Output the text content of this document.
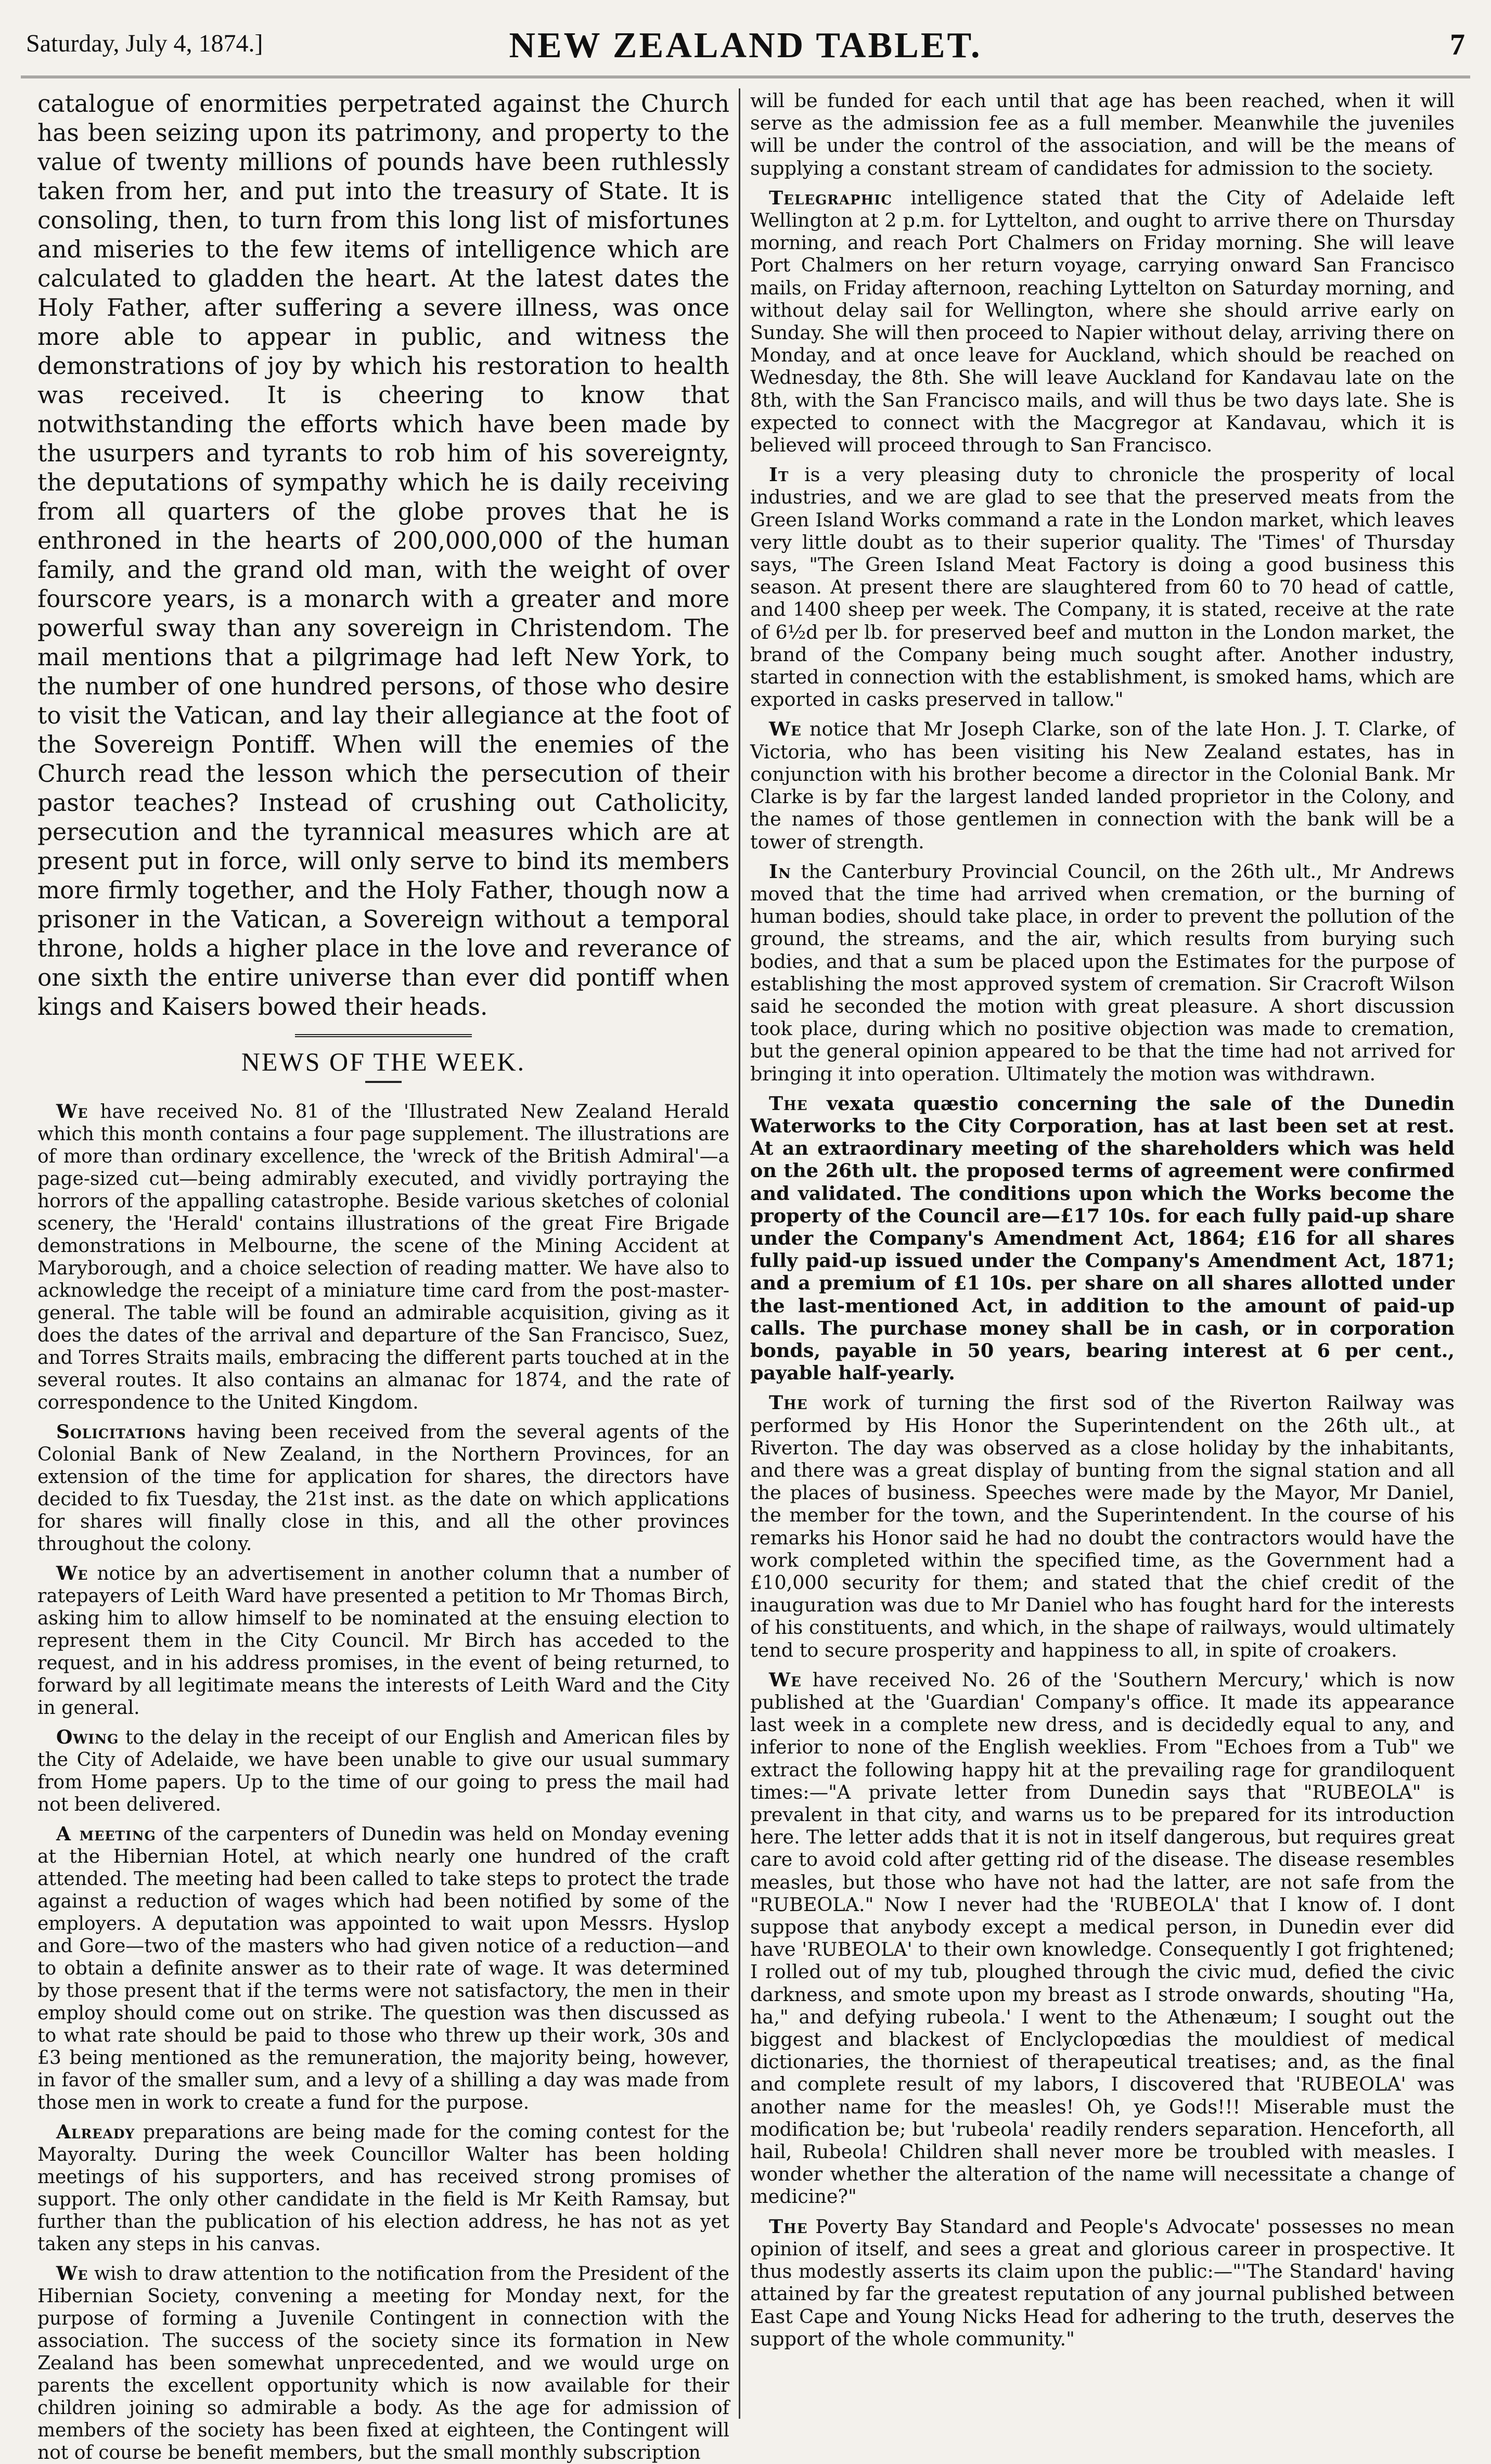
Saturday, July 4, 1874.]	NEW ZEALAND TABLET.	7

catalogue of enormities perpetrated against the Church has been seizing upon its patrimony, and property to the value of twenty millions of pounds have been ruthlessly taken from her, and put into the treasury of State. It is consoling, then, to turn from this long list of misfortunes and miseries to the few items of intelligence which are calculated to gladden the heart. At the latest dates the Holy Father, after suffering a severe illness, was once more able to appear in public, and witness the demonstrations of joy by which his restoration to health was received. It is cheering to know that notwithstanding the efforts which have been made by the usurpers and tyrants to rob him of his sovereignty, the deputations of sympathy which he is daily receiving from all quarters of the globe proves that he is enthroned in the hearts of 200,000,000 of the human family, and the grand old man, with the weight of over fourscore years, is a monarch with a greater and more powerful sway than any sovereign in Christendom. The mail mentions that a pilgrimage had left New York, to the number of one hundred persons, of those who desire to visit the Vatican, and lay their allegiance at the foot of the Sovereign Pontiff. When will the enemies of the Church read the lesson which the persecution of their pastor teaches? Instead of crushing out Catholicity, persecution and the tyrannical measures which are at present put in force, will only serve to bind its members more firmly together, and the Holy Father, though now a prisoner in the Vatican, a Sovereign without a temporal throne, holds a higher place in the love and reverance of one sixth the entire universe than ever did pontiff when kings and Kaisers bowed their heads.

NEWS OF THE WEEK.

We have received No. 81 of the 'Illustrated New Zealand Herald which this month contains a four page supplement. The illustrations are of more than ordinary excellence, the 'wreck of the British Admiral'—a page-sized cut—being admirably executed, and vividly portraying the horrors of the appalling catastrophe. Beside various sketches of colonial scenery, the 'Herald' contains illustrations of the great Fire Brigade demonstrations in Melbourne, the scene of the Mining Accident at Maryborough, and a choice selection of reading matter. We have also to acknowledge the receipt of a miniature time card from the post-master-general. The table will be found an admirable acquisition, giving as it does the dates of the arrival and departure of the San Francisco, Suez, and Torres Straits mails, embracing the different parts touched at in the several routes. It also contains an almanac for 1874, and the rate of correspondence to the United Kingdom.

Solicitations having been received from the several agents of the Colonial Bank of New Zealand, in the Northern Provinces, for an extension of the time for application for shares, the directors have decided to fix Tuesday, the 21st inst. as the date on which applications for shares will finally close in this, and all the other provinces throughout the colony.

We notice by an advertisement in another column that a number of ratepayers of Leith Ward have presented a petition to Mr Thomas Birch, asking him to allow himself to be nominated at the ensuing election to represent them in the City Council. Mr Birch has acceded to the request, and in his address promises, in the event of being returned, to forward by all legitimate means the interests of Leith Ward and the City in general.

Owing to the delay in the receipt of our English and American files by the City of Adelaide, we have been unable to give our usual summary from Home papers. Up to the time of our going to press the mail had not been delivered.

A meeting of the carpenters of Dunedin was held on Monday evening at the Hibernian Hotel, at which nearly one hundred of the craft attended. The meeting had been called to take steps to protect the trade against a reduction of wages which had been notified by some of the employers. A deputation was appointed to wait upon Messrs. Hyslop and Gore—two of the masters who had given notice of a reduction—and to obtain a definite answer as to their rate of wage. It was determined by those present that if the terms were not satisfactory, the men in their employ should come out on strike. The question was then discussed as to what rate should be paid to those who threw up their work, 30s and £3 being mentioned as the remuneration, the majority being, however, in favor of the smaller sum, and a levy of a shilling a day was made from those men in work to create a fund for the purpose.

Already preparations are being made for the coming contest for the Mayoralty. During the week Councillor Walter has been holding meetings of his supporters, and has received strong promises of support. The only other candidate in the field is Mr Keith Ramsay, but further than the publication of his election address, he has not as yet taken any steps in his canvas.

We wish to draw attention to the notification from the President of the Hibernian Society, convening a meeting for Monday next, for the purpose of forming a Juvenile Contingent in connection with the association. The success of the society since its formation in New Zealand has been somewhat unprecedented, and we would urge on parents the excellent opportunity which is now available for their children joining so admirable a body. As the age for admission of members of the society has been fixed at eighteen, the Contingent will not of course be benefit members, but the small monthly subscription

will be funded for each until that age has been reached, when it will serve as the admission fee as a full member. Meanwhile the juveniles will be under the control of the association, and will be the means of supplying a constant stream of candidates for admission to the society.

Telegraphic intelligence stated that the City of Adelaide left Wellington at 2 p.m. for Lyttelton, and ought to arrive there on Thursday morning, and reach Port Chalmers on Friday morning. She will leave Port Chalmers on her return voyage, carrying onward San Francisco mails, on Friday afternoon, reaching Lyttelton on Saturday morning, and without delay sail for Wellington, where she should arrive early on Sunday. She will then proceed to Napier without delay, arriving there on Monday, and at once leave for Auckland, which should be reached on Wednesday, the 8th. She will leave Auckland for Kandavau late on the 8th, with the San Francisco mails, and will thus be two days late. She is expected to connect with the Macgregor at Kandavau, which it is believed will proceed through to San Francisco.

It is a very pleasing duty to chronicle the prosperity of local industries, and we are glad to see that the preserved meats from the Green Island Works command a rate in the London market, which leaves very little doubt as to their superior quality. The 'Times' of Thursday says, "The Green Island Meat Factory is doing a good business this season. At present there are slaughtered from 60 to 70 head of cattle, and 1400 sheep per week. The Company, it is stated, receive at the rate of 6½d per lb. for preserved beef and mutton in the London market, the brand of the Company being much sought after. Another industry, started in connection with the establishment, is smoked hams, which are exported in casks preserved in tallow."

We notice that Mr Joseph Clarke, son of the late Hon. J. T. Clarke, of Victoria, who has been visiting his New Zealand estates, has in conjunction with his brother become a director in the Colonial Bank. Mr Clarke is by far the largest landed landed proprietor in the Colony, and the names of those gentlemen in connection with the bank will be a tower of strength.

In the Canterbury Provincial Council, on the 26th ult., Mr Andrews moved that the time had arrived when cremation, or the burning of human bodies, should take place, in order to prevent the pollution of the ground, the streams, and the air, which results from burying such bodies, and that a sum be placed upon the Estimates for the purpose of establishing the most approved system of cremation. Sir Cracroft Wilson said he seconded the motion with great pleasure. A short discussion took place, during which no positive objection was made to cremation, but the general opinion appeared to be that the time had not arrived for bringing it into operation. Ultimately the motion was withdrawn.

The vexata quæstio concerning the sale of the Dunedin Waterworks to the City Corporation, has at last been set at rest. At an extraordinary meeting of the shareholders which was held on the 26th ult. the proposed terms of agreement were confirmed and validated. The conditions upon which the Works become the property of the Council are—£17 10s. for each fully paid-up share under the Company's Amendment Act, 1864; £16 for all shares fully paid-up issued under the Company's Amendment Act, 1871; and a premium of £1 10s. per share on all shares allotted under the last-mentioned Act, in addition to the amount of paid-up calls. The purchase money shall be in cash, or in corporation bonds, payable in 50 years, bearing interest at 6 per cent., payable half-yearly.

The work of turning the first sod of the Riverton Railway was performed by His Honor the Superintendent on the 26th ult., at Riverton. The day was observed as a close holiday by the inhabitants, and there was a great display of bunting from the signal station and all the places of business. Speeches were made by the Mayor, Mr Daniel, the member for the town, and the Superintendent. In the course of his remarks his Honor said he had no doubt the contractors would have the work completed within the specified time, as the Government had a £10,000 security for them; and stated that the chief credit of the inauguration was due to Mr Daniel who has fought hard for the interests of his constituents, and which, in the shape of railways, would ultimately tend to secure prosperity and happiness to all, in spite of croakers.

We have received No. 26 of the 'Southern Mercury,' which is now published at the 'Guardian' Company's office. It made its appearance last week in a complete new dress, and is decidedly equal to any, and inferior to none of the English weeklies. From "Echoes from a Tub" we extract the following happy hit at the prevailing rage for grandiloquent times:—"A private letter from Dunedin says that "RUBEOLA" is prevalent in that city, and warns us to be prepared for its introduction here. The letter adds that it is not in itself dangerous, but requires great care to avoid cold after getting rid of the disease. The disease resembles measles, but those who have not had the latter, are not safe from the "RUBEOLA." Now I never had the 'RUBEOLA' that I know of. I dont suppose that anybody except a medical person, in Dunedin ever did have 'RUBEOLA' to their own knowledge. Consequently I got frightened; I rolled out of my tub, ploughed through the civic mud, defied the civic darkness, and smote upon my breast as I strode onwards, shouting "Ha, ha," and defying rubeola.' I went to the Athenæum; I sought out the biggest and blackest of Enclyclopœdias the mouldiest of medical dictionaries, the thorniest of therapeutical treatises; and, as the final and complete result of my labors, I discovered that 'RUBEOLA' was another name for the measles! Oh, ye Gods!!! Miserable must the modification be; but 'rubeola' readily renders separation. Henceforth, all hail, Rubeola! Children shall never more be troubled with measles. I wonder whether the alteration of the name will necessitate a change of medicine?"

The Poverty Bay Standard and People's Advocate' possesses no mean opinion of itself, and sees a great and glorious career in prospective. It thus modestly asserts its claim upon the public:—"'The Standard' having attained by far the greatest reputation of any journal published between East Cape and Young Nicks Head for adhering to the truth, deserves the support of the whole community."
